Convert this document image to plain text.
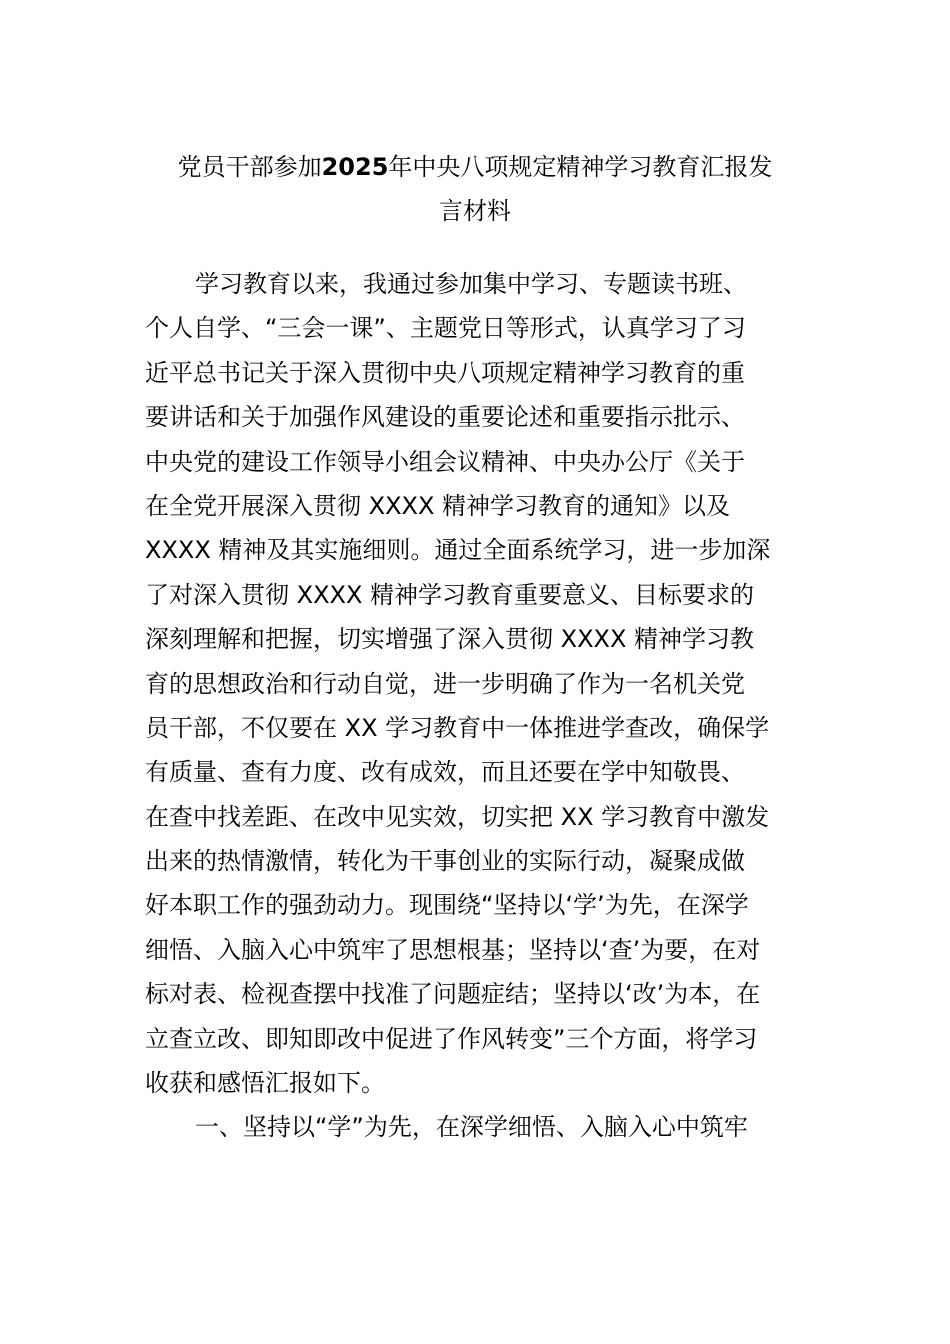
党员干部参加2025年中央八项规定精神学习教育汇报发
言材料
学习教育以来，我通过参加集中学习、专题读书班、
个人自学、“三会一课”、主题党日等形式，认真学习了习
近平总书记关于深入贯彻中央八项规定精神学习教育的重
要讲话和关于加强作风建设的重要论述和重要指示批示、
中央党的建设工作领导小组会议精神、中央办公厅《关于
在全党开展深入贯彻 XXXX 精神学习教育的通知》以及
XXXX 精神及其实施细则。通过全面系统学习，进一步加深
了对深入贯彻 XXXX 精神学习教育重要意义、目标要求的
深刻理解和把握，切实增强了深入贯彻 XXXX 精神学习教
育的思想政治和行动自觉，进一步明确了作为一名机关党
员干部，不仅要在 XX 学习教育中一体推进学查改，确保学
有质量、查有力度、改有成效，而且还要在学中知敬畏、
在查中找差距、在改中见实效，切实把 XX 学习教育中激发
出来的热情激情，转化为干事创业的实际行动，凝聚成做
好本职工作的强劲动力。现围绕“坚持以‘学’为先，在深学
细悟、入脑入心中筑牢了思想根基；坚持以‘查’为要，在对
标对表、检视查摆中找准了问题症结；坚持以‘改’为本，在
立查立改、即知即改中促进了作风转变”三个方面，将学习
收获和感悟汇报如下。
一、坚持以“学”为先，在深学细悟、入脑入心中筑牢
